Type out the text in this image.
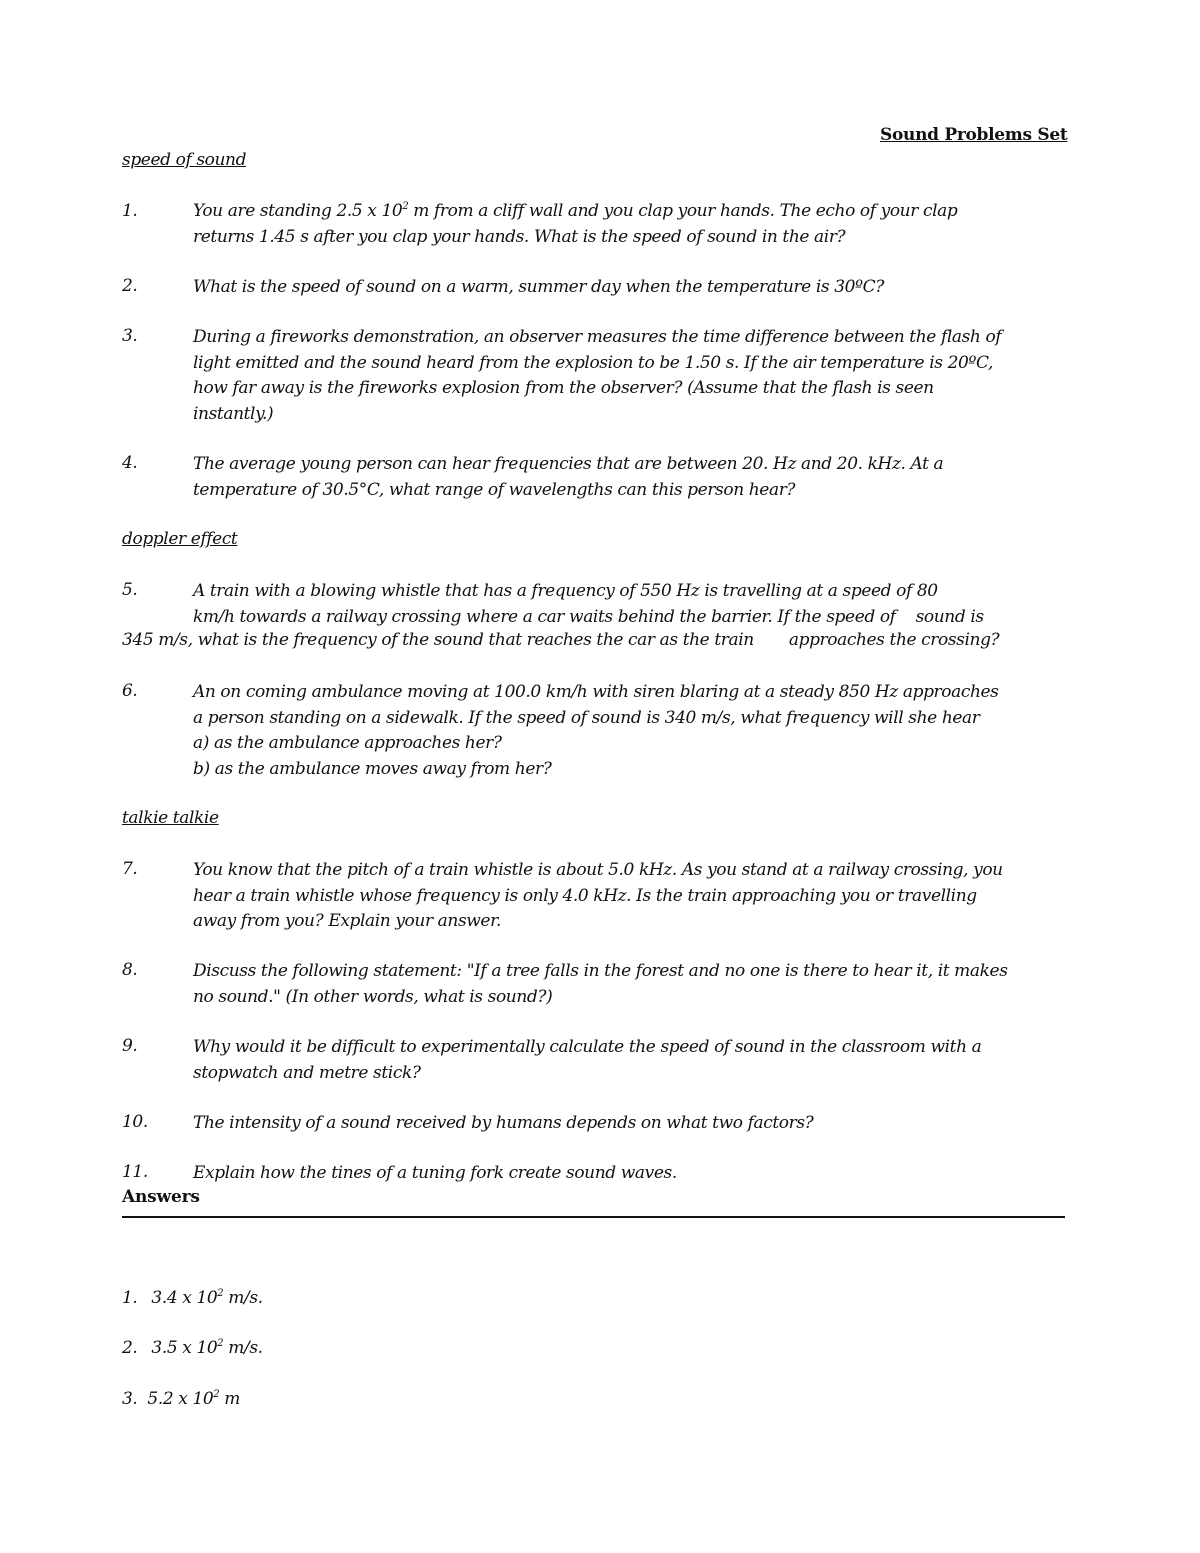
Sound Problems Set
speed of sound
1.	You are standing 2.5 x $10^2$ m from a cliff wall and you clap your hands. The echo of your clap
returns 1.45 s after you clap your hands. What is the speed of sound in the air?
2.	What is the speed of sound on a warm, summer day when the temperature is 30ºC?
3.	During a fireworks demonstration, an observer measures the time difference between the flash of
light emitted and the sound heard from the explosion to be 1.50 s. If the air temperature is 20ºC,
how far away is the fireworks explosion from the observer? (Assume that the flash is seen
instantly.)
4.	The average young person can hear frequencies that are between 20. Hz and 20. kHz. At a
temperature of 30.5°C, what range of wavelengths can this person hear?
doppler effect
5.	A train with a blowing whistle that has a frequency of 550 Hz is travelling at a speed of 80
km/h towards a railway crossing where a car waits behind the barrier. If the speed of    sound is
345 m/s, what is the frequency of the sound that reaches the car as the train       approaches the crossing?
6.	An on coming ambulance moving at 100.0 km/h with siren blaring at a steady 850 Hz approaches
a person standing on a sidewalk. If the speed of sound is 340 m/s, what frequency will she hear
a) as the ambulance approaches her?
b) as the ambulance moves away from her?
talkie talkie
7.	You know that the pitch of a train whistle is about 5.0 kHz. As you stand at a railway crossing, you
hear a train whistle whose frequency is only 4.0 kHz. Is the train approaching you or travelling
away from you? Explain your answer.
8.	Discuss the following statement: "If a tree falls in the forest and no one is there to hear it, it makes
no sound." (In other words, what is sound?)
9.	Why would it be difficult to experimentally calculate the speed of sound in the classroom with a
stopwatch and metre stick?
10.	The intensity of a sound received by humans depends on what two factors?
11.	Explain how the tines of a tuning fork create sound waves.
Answers
1. 3.4 x $10^2$ m/s.
2. 3.5 x $10^2$ m/s.
3. 5.2 x $10^2$ m
